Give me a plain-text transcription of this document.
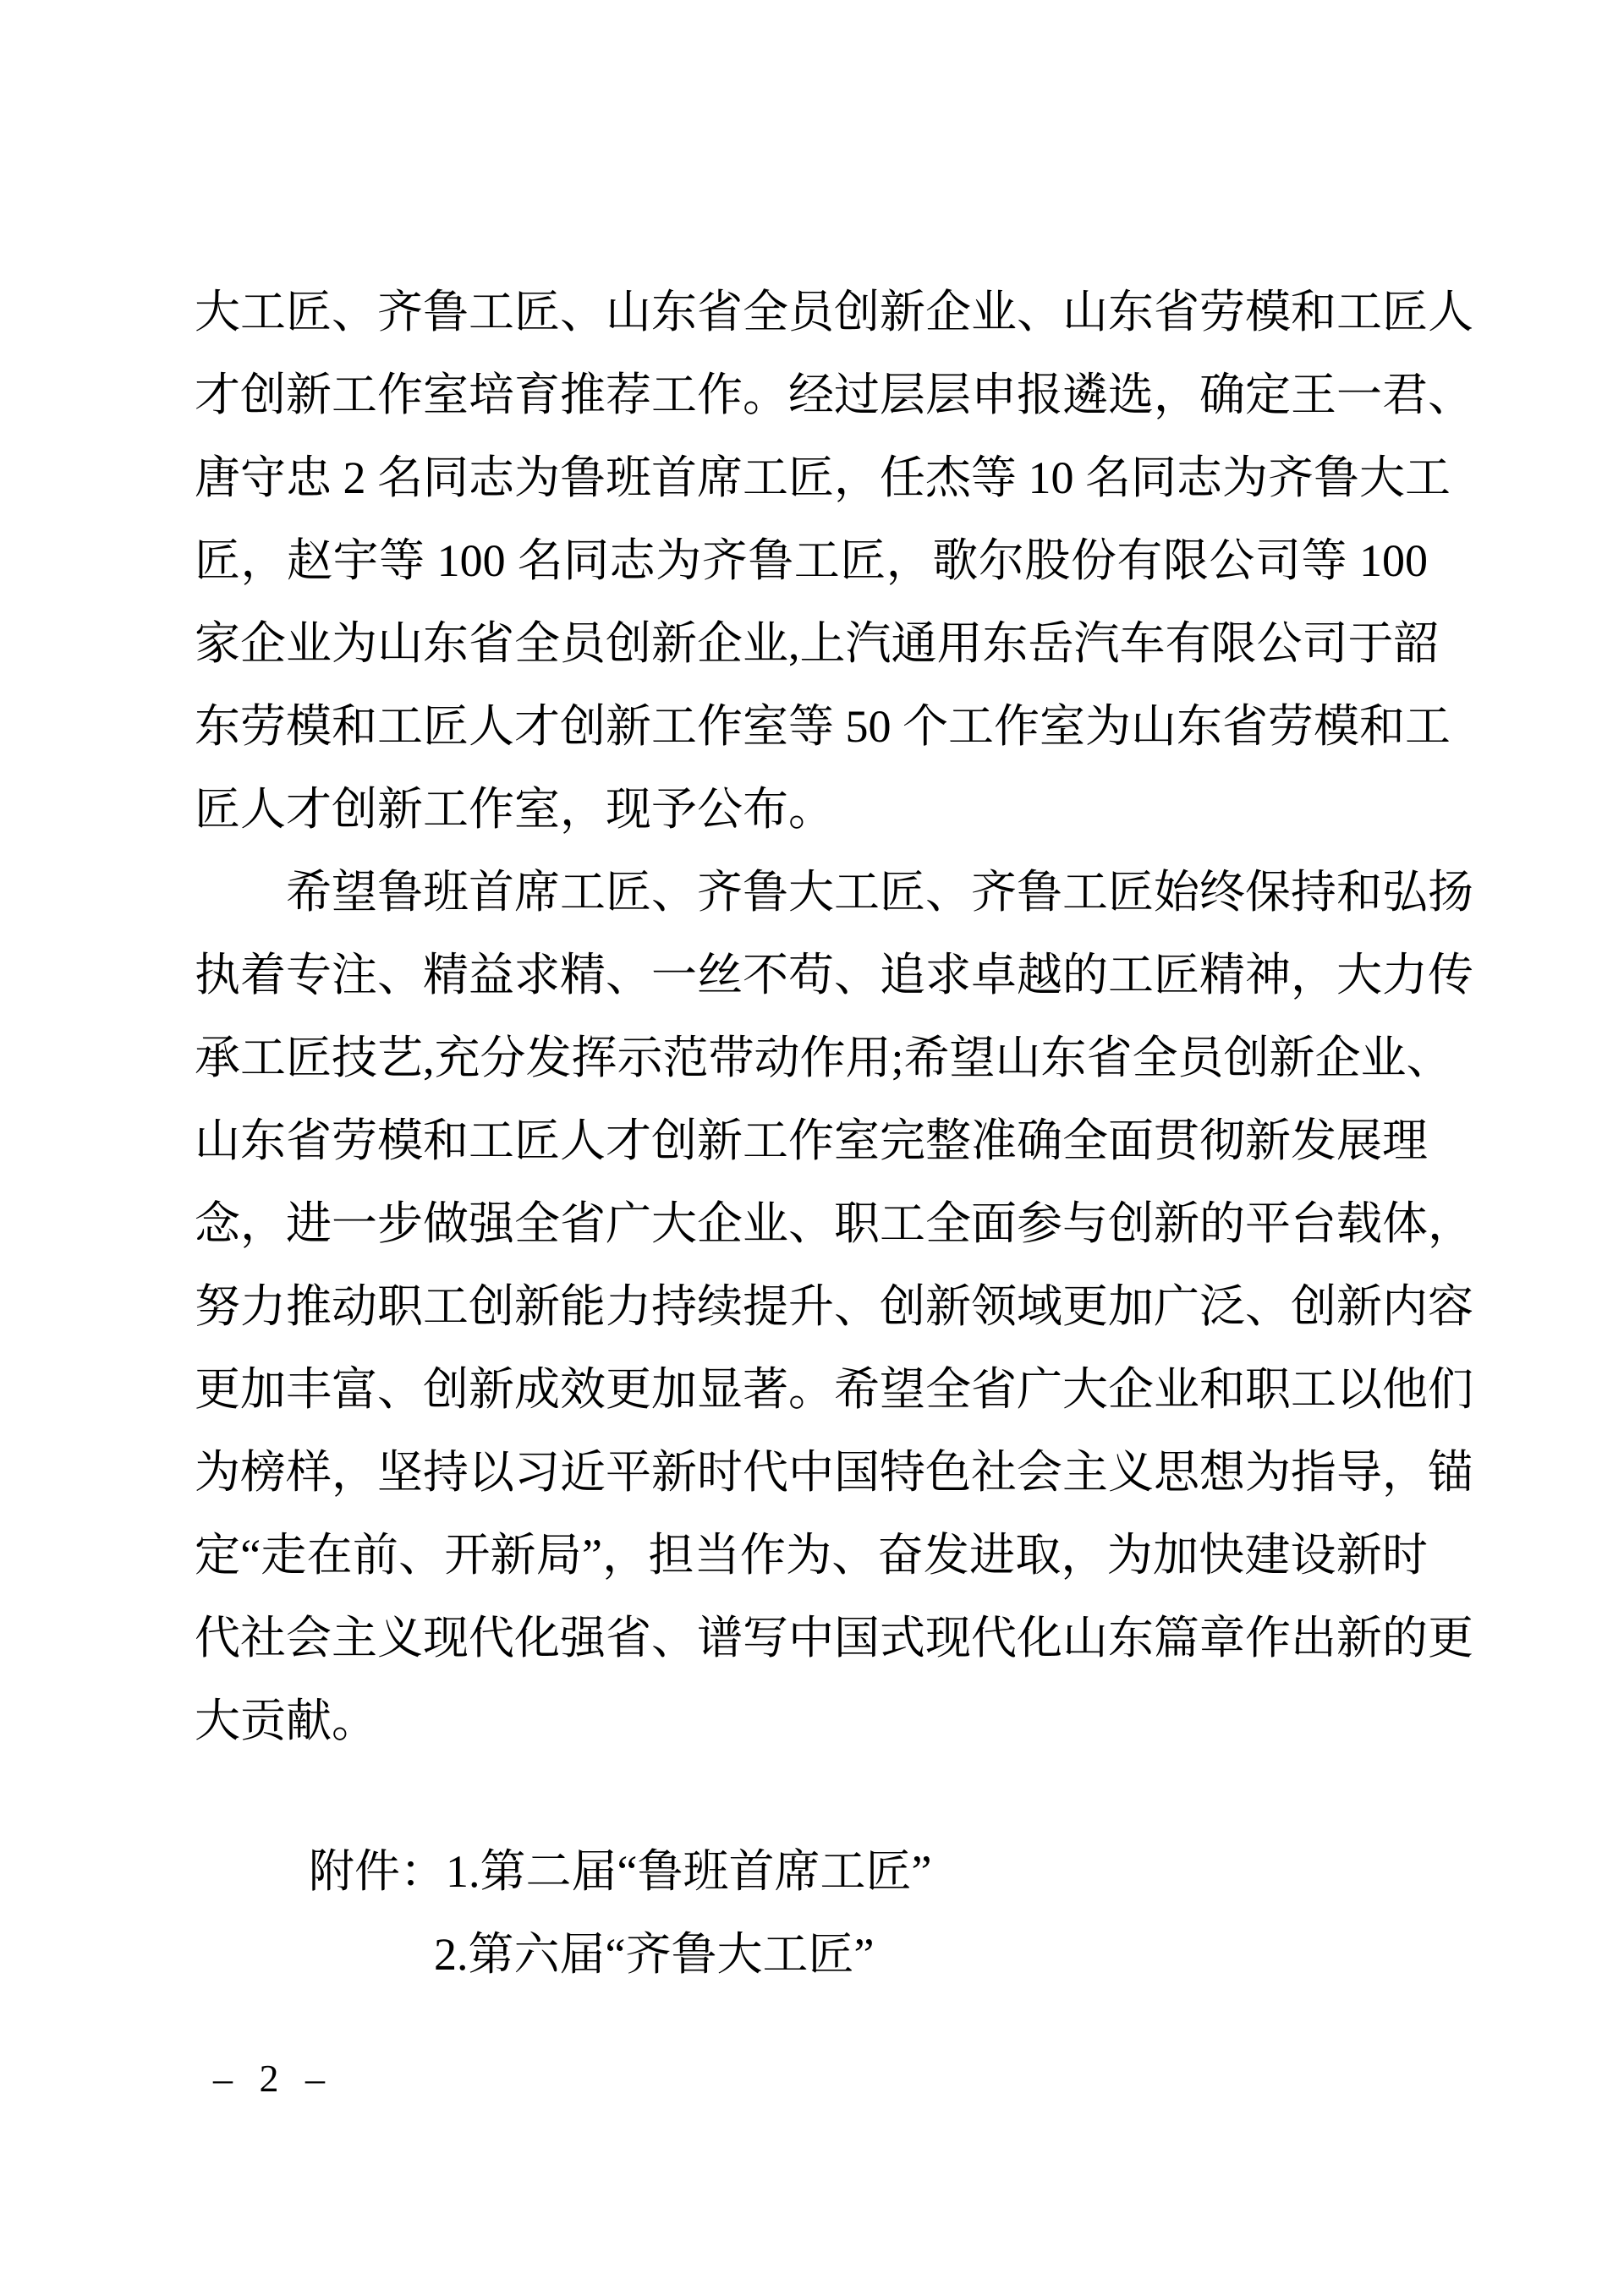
大工匠、齐鲁工匠、山东省全员创新企业、山东省劳模和工匠人
才创新工作室培育推荐工作。经过层层申报遴选，确定王一君、
唐守忠 2 名同志为鲁班首席工匠，任杰等 10 名同志为齐鲁大工
匠，赵宇等 100 名同志为齐鲁工匠，歌尔股份有限公司等 100
家企业为山东省全员创新企业,上汽通用东岳汽车有限公司于韶
东劳模和工匠人才创新工作室等 50 个工作室为山东省劳模和工
匠人才创新工作室，现予公布。
希望鲁班首席工匠、齐鲁大工匠、齐鲁工匠始终保持和弘扬
执着专注、精益求精、一丝不苟、追求卓越的工匠精神，大力传
承工匠技艺,充分发挥示范带动作用;希望山东省全员创新企业、
山东省劳模和工匠人才创新工作室完整准确全面贯彻新发展理
念，进一步做强全省广大企业、职工全面参与创新的平台载体，
努力推动职工创新能力持续提升、创新领域更加广泛、创新内容
更加丰富、创新成效更加显著。希望全省广大企业和职工以他们
为榜样，坚持以习近平新时代中国特色社会主义思想为指导，锚
定“走在前、开新局”，担当作为、奋发进取，为加快建设新时
代社会主义现代化强省、谱写中国式现代化山东篇章作出新的更
大贡献。
附件：1.第二届“鲁班首席工匠”
2.第六届“齐鲁大工匠”
– 2 –
